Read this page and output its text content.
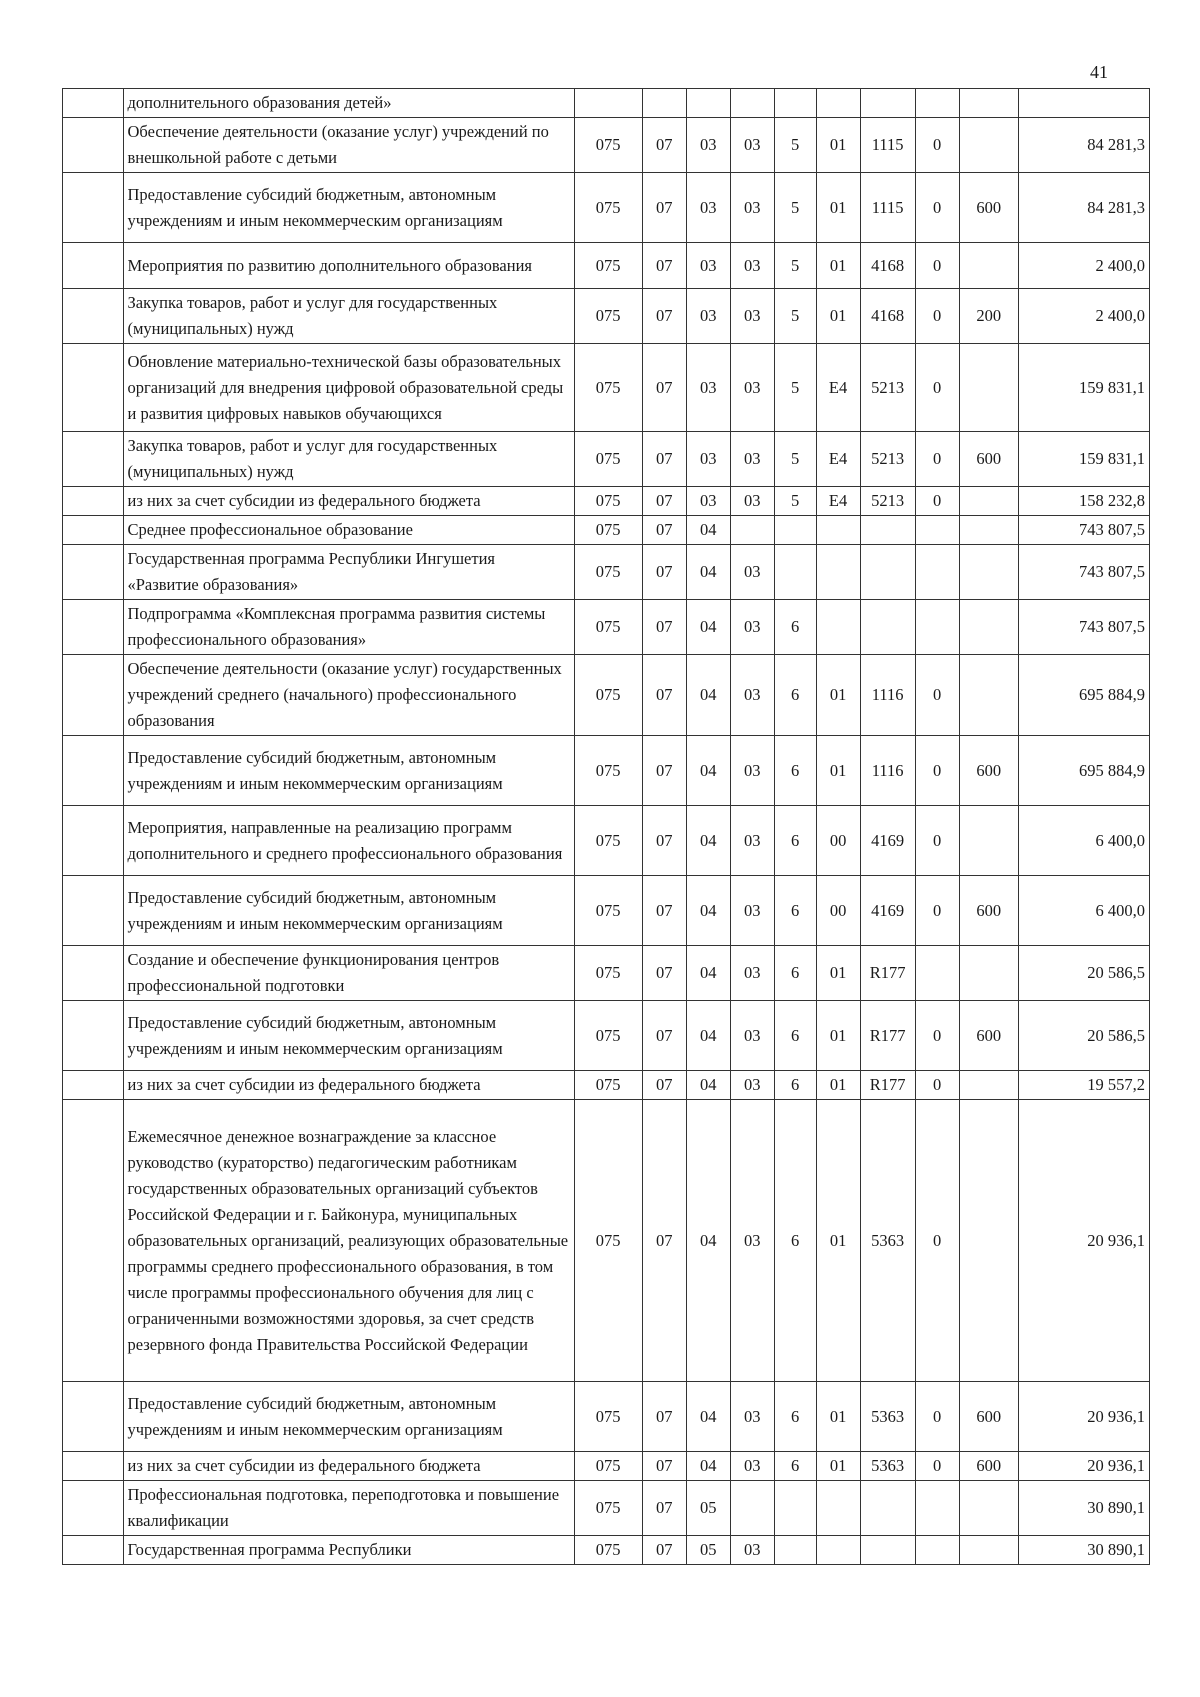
41
	дополнительного образования детей»										
	Обеспечение деятельности (оказание услуг) учреждений по внешкольной работе с детьми	075	07	03	03	5	01	1115	0		84 281,3
	Предоставление субсидий бюджетным, автономным учреждениям и иным некоммерческим организациям	075	07	03	03	5	01	1115	0	600	84 281,3
	Мероприятия по развитию дополнительного образования	075	07	03	03	5	01	4168	0		2 400,0
	Закупка товаров, работ и услуг для государственных (муниципальных) нужд	075	07	03	03	5	01	4168	0	200	2 400,0
	Обновление материально-технической базы образовательных организаций для внедрения цифровой образовательной среды и развития цифровых навыков обучающихся	075	07	03	03	5	Е4	5213	0		159 831,1
	Закупка товаров, работ и услуг для государственных (муниципальных) нужд	075	07	03	03	5	Е4	5213	0	600	159 831,1
	из них за счет субсидии из федерального бюджета	075	07	03	03	5	Е4	5213	0		158 232,8
	Среднее профессиональное образование	075	07	04							743 807,5
	Государственная программа Республики Ингушетия «Развитие образования»	075	07	04	03						743 807,5
	Подпрограмма «Комплексная программа развития системы профессионального образования»	075	07	04	03	6					743 807,5
	Обеспечение деятельности (оказание услуг) государственных учреждений среднего (начального) профессионального образования	075	07	04	03	6	01	1116	0		695 884,9
	Предоставление субсидий бюджетным, автономным учреждениям и иным некоммерческим организациям	075	07	04	03	6	01	1116	0	600	695 884,9
	Мероприятия, направленные на реализацию программ дополнительного и среднего профессионального образования	075	07	04	03	6	00	4169	0		6 400,0
	Предоставление субсидий бюджетным, автономным учреждениям и иным некоммерческим организациям	075	07	04	03	6	00	4169	0	600	6 400,0
	Создание и обеспечение функционирования центров профессиональной подготовки	075	07	04	03	6	01	R177			20 586,5
	Предоставление субсидий бюджетным, автономным учреждениям и иным некоммерческим организациям	075	07	04	03	6	01	R177	0	600	20 586,5
	из них за счет субсидии из федерального бюджета	075	07	04	03	6	01	R177	0		19 557,2
	Ежемесячное денежное вознаграждение за классное руководство (кураторство) педагогическим работникам государственных образовательных организаций субъектов Российской Федерации и г. Байконура, муниципальных образовательных организаций, реализующих образовательные программы среднего профессионального образования, в том числе программы профессионального обучения для лиц с ограниченными возможностями здоровья, за счет средств резервного фонда Правительства Российской Федерации	075	07	04	03	6	01	5363	0		20 936,1
	Предоставление субсидий бюджетным, автономным учреждениям и иным некоммерческим организациям	075	07	04	03	6	01	5363	0	600	20 936,1
	из них за счет субсидии из федерального бюджета	075	07	04	03	6	01	5363	0	600	20 936,1
	Профессиональная подготовка, переподготовка и повышение квалификации	075	07	05							30 890,1
	Государственная программа Республики	075	07	05	03						30 890,1
